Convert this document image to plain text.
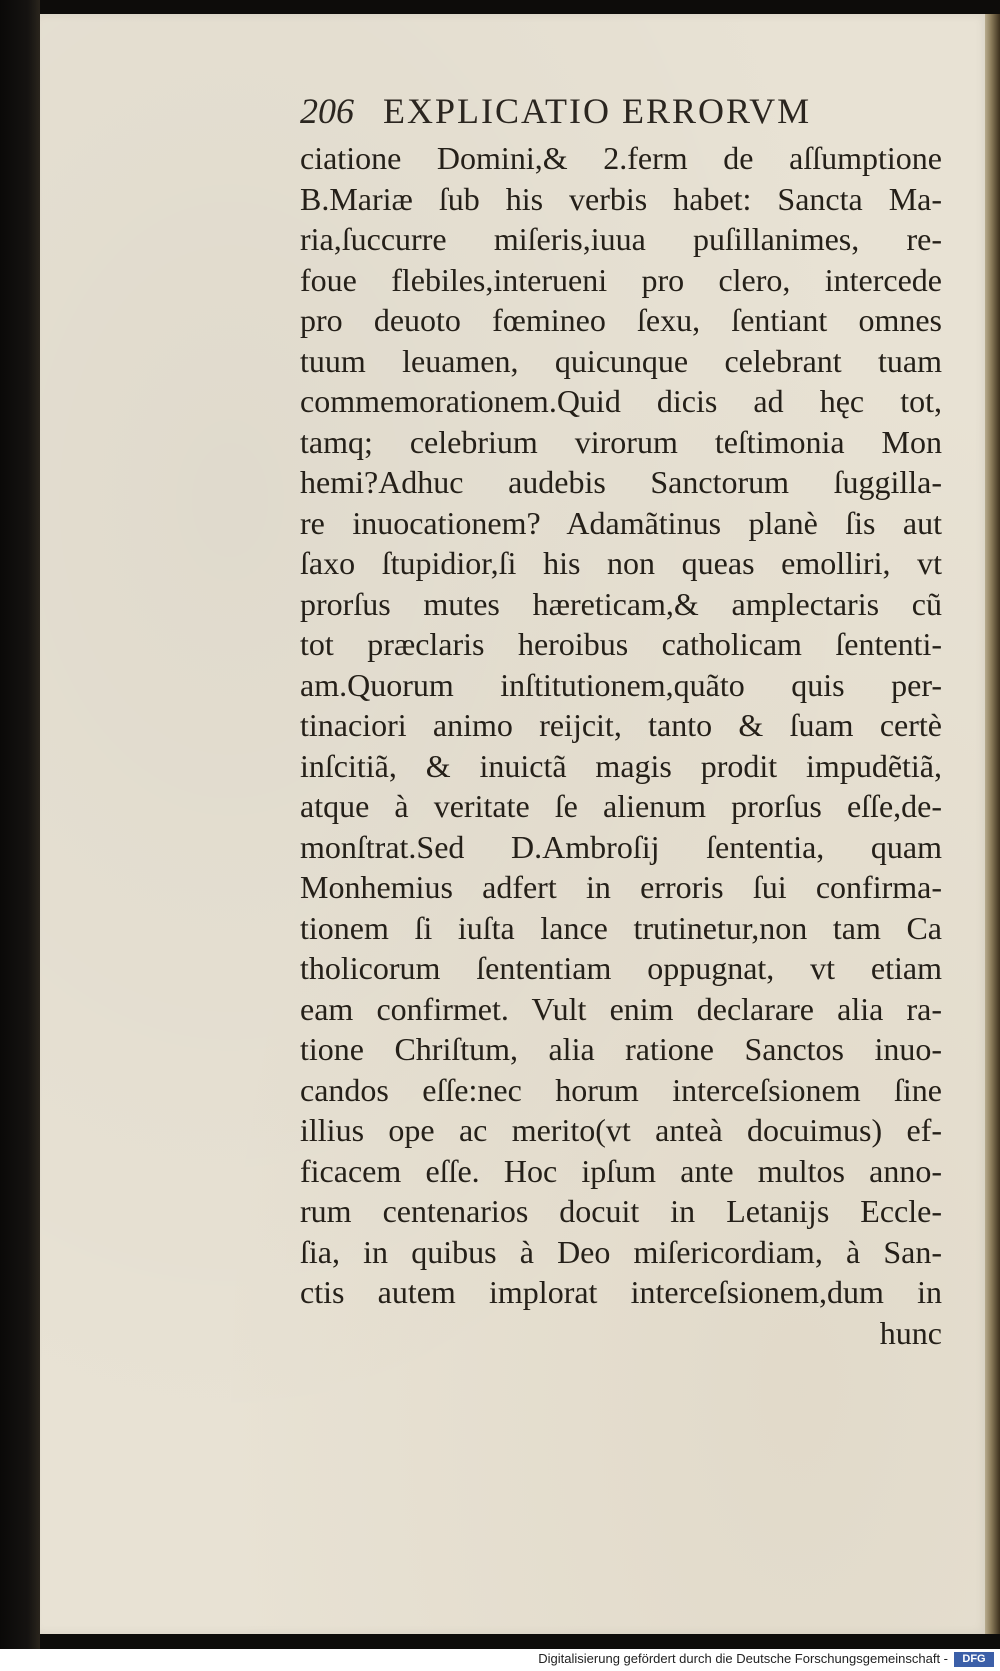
206 EXPLICATIO ERRORVM
ciatione Domini,& 2.ferm de aſſumptione
B.Mariæ ſub his verbis habet: Sancta Ma-
ria,ſuccurre miſeris,iuua puſillanimes, re-
foue flebiles,interueni pro clero, intercede
pro deuoto fœmineo ſexu, ſentiant omnes
tuum leuamen, quicunque celebrant tuam
commemorationem.Quid dicis ad hęc tot,
tamq; celebrium virorum teſtimonia Mon
hemi?Adhuc audebis Sanctorum ſuggilla-
re inuocationem? Adamãtinus planè ſis aut
ſaxo ſtupidior,ſi his non queas emolliri, vt
prorſus mutes hæreticam,& amplectaris cũ
tot præclaris heroibus catholicam ſententi-
am.Quorum inſtitutionem,quãto quis per-
tinaciori animo reijcit, tanto & ſuam certè
inſcitiã, & inuictã magis prodit impudẽtiã,
atque à veritate ſe alienum prorſus eſſe,de-
monſtrat.Sed D.Ambroſij ſententia, quam
Monhemius adfert in erroris ſui confirma-
tionem ſi iuſta lance trutinetur,non tam Ca
tholicorum ſententiam oppugnat, vt etiam
eam confirmet. Vult enim declarare alia ra-
tione Chriſtum, alia ratione Sanctos inuo-
candos eſſe:nec horum interceſsionem ſine
illius ope ac merito(vt anteà docuimus) ef-
ficacem eſſe. Hoc ipſum ante multos anno-
rum centenarios docuit in Letanijs Eccle-
ſia, in quibus à Deo miſericordiam, à San-
ctis autem implorat interceſsionem,dum in
hunc
Digitalisierung gefördert durch die Deutsche Forschungsgemeinschaft -	DFG
